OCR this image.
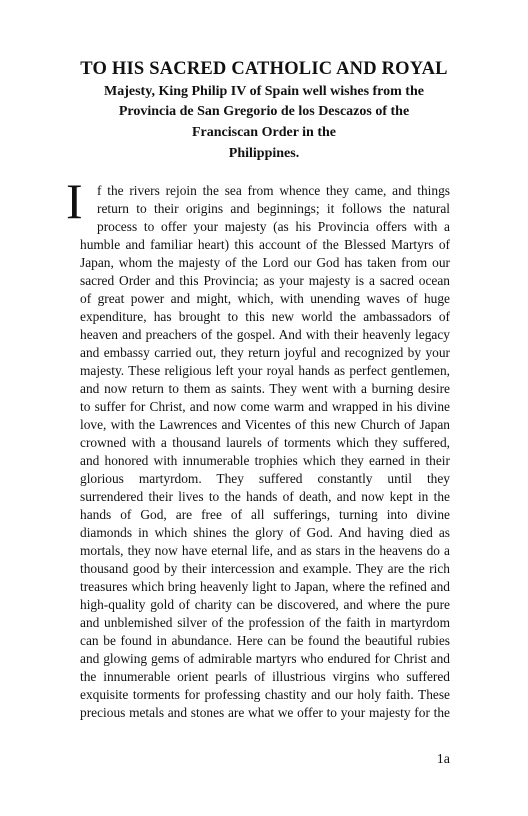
TO HIS SACRED CATHOLIC AND ROYAL
Majesty, King Philip IV of Spain well wishes from the
Provincia de San Gregorio de los Descazos of the
Franciscan Order in the
Philippines.
I f the rivers rejoin the sea from whence they came, and things
return to their origins and beginnings; it follows the natural
process to offer your majesty (as his Provincia offers with a
humble and familiar heart) this account of the Blessed Martyrs of
Japan, whom the majesty of the Lord our God has taken from our
sacred Order and this Provincia; as your majesty is a sacred ocean
of great power and might, which, with unending waves of huge
expenditure, has brought to this new world the ambassadors of
heaven and preachers of the gospel. And with their heavenly legacy
and embassy carried out, they return joyful and recognized by your
majesty. These religious left your royal hands as perfect gentlemen,
and now return to them as saints. They went with a burning desire
to suffer for Christ, and now come warm and wrapped in his divine
love, with the Lawrences and Vicentes of this new Church of Japan
crowned with a thousand laurels of torments which they suffered,
and honored with innumerable trophies which they earned in their
glorious martyrdom. They suffered constantly until they
surrendered their lives to the hands of death, and now kept in the
hands of God, are free of all sufferings, turning into divine
diamonds in which shines the glory of God. And having died as
mortals, they now have eternal life, and as stars in the heavens do a
thousand good by their intercession and example. They are the rich
treasures which bring heavenly light to Japan, where the refined and
high-quality gold of charity can be discovered, and where the pure
and unblemished silver of the profession of the faith in martyrdom
can be found in abundance. Here can be found the beautiful rubies
and glowing gems of admirable martyrs who endured for Christ and
the innumerable orient pearls of illustrious virgins who suffered
exquisite torments for professing chastity and our holy faith. These
precious metals and stones are what we offer to your majesty for the
1a
